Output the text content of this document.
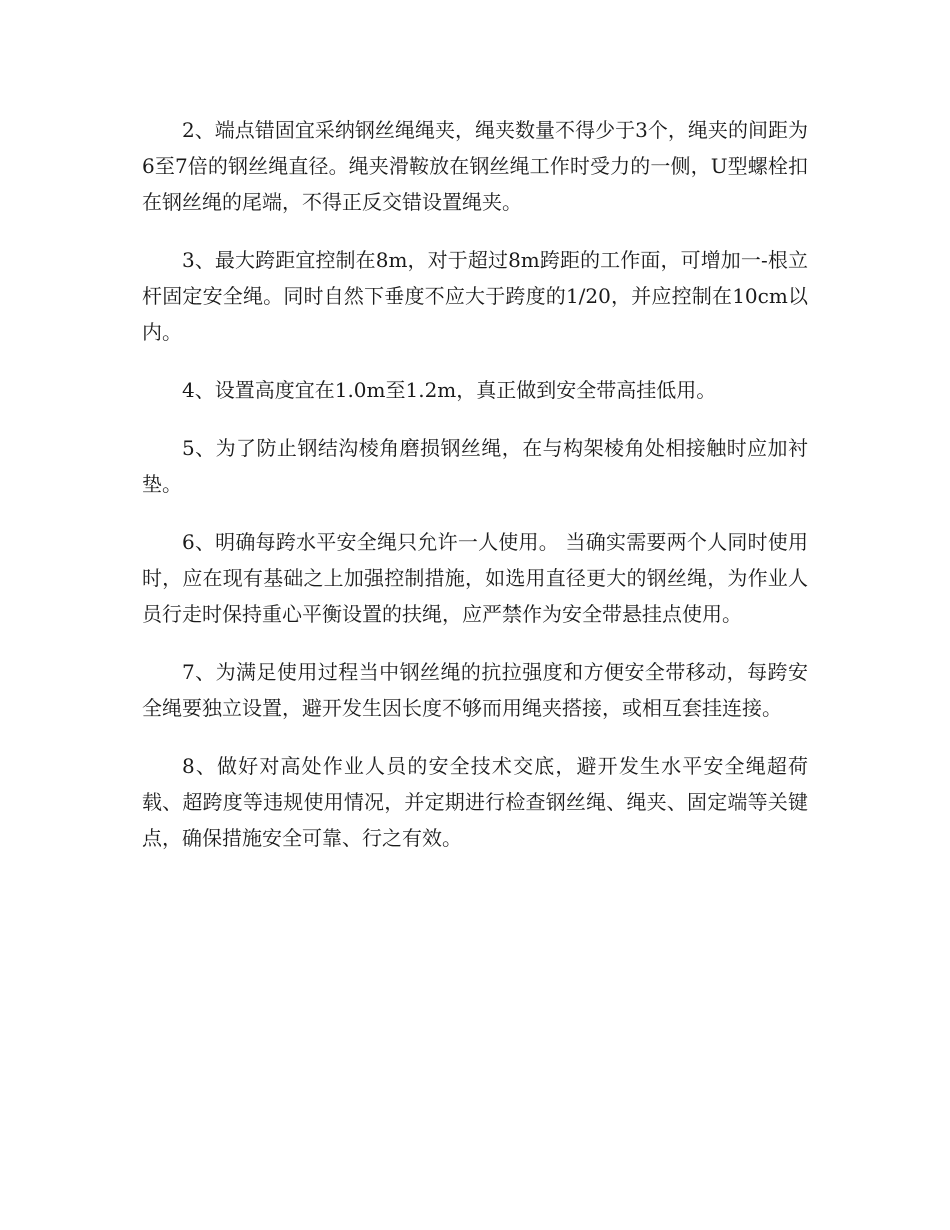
2、端点错固宜采纳钢丝绳绳夹，绳夹数量不得少于3个，绳夹的间距为6至7倍的钢丝绳直径。绳夹滑鞍放在钢丝绳工作时受力的一侧，U型螺栓扣在钢丝绳的尾端，不得正反交错设置绳夹。

3、最大跨距宜控制在8m，对于超过8m跨距的工作面，可增加一-根立杆固定安全绳。同时自然下垂度不应大于跨度的1/20，并应控制在10cm以内。

4、设置高度宜在1.0m至1.2m，真正做到安全带高挂低用。

5、为了防止钢结沟棱角磨损钢丝绳，在与构架棱角处相接触时应加衬垫。

6、明确每跨水平安全绳只允许一人使用。 当确实需要两个人同时使用时，应在现有基础之上加强控制措施，如选用直径更大的钢丝绳，为作业人员行走时保持重心平衡设置的扶绳，应严禁作为安全带悬挂点使用。

7、为满足使用过程当中钢丝绳的抗拉强度和方便安全带移动，每跨安全绳要独立设置，避开发生因长度不够而用绳夹搭接，或相互套挂连接。

8、做好对高处作业人员的安全技术交底，避开发生水平安全绳超荷载、超跨度等违规使用情况，并定期进行检查钢丝绳、绳夹、固定端等关键点，确保措施安全可靠、行之有效。
